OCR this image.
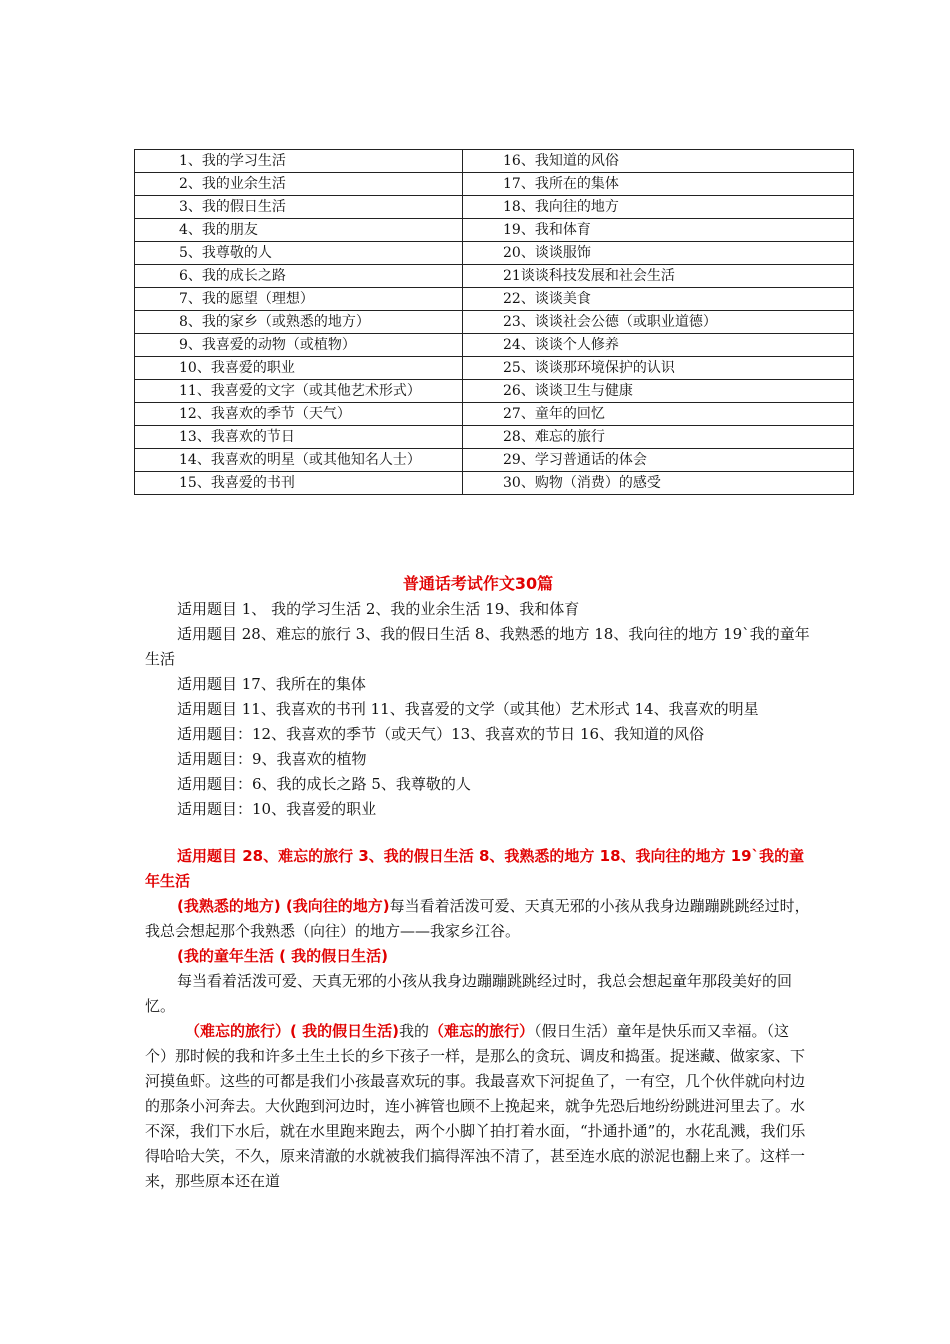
1、我的学习生活	16、我知道的风俗

2、我的业余生活	17、我所在的集体

3、我的假日生活	18、我向往的地方

4、我的朋友	19、我和体育

5、我尊敬的人	20、谈谈服饰

6、我的成长之路	21谈谈科技发展和社会生活

7、我的愿望（理想）	22、谈谈美食

8、我的家乡（或熟悉的地方）	23、谈谈社会公德（或职业道德）

9、我喜爱的动物（或植物）	24、谈谈个人修养

10、我喜爱的职业	25、谈谈那环境保护的认识

11、我喜爱的文字（或其他艺术形式）	26、谈谈卫生与健康

12、我喜欢的季节（天气）	27、童年的回忆

13、我喜欢的节日	28、难忘的旅行

14、我喜欢的明星（或其他知名人士）	29、学习普通话的体会

15、我喜爱的书刊	30、购物（消费）的感受
普通话考试作文30篇

适用题目 1、 我的学习生活 2、我的业余生活 19、我和体育

适用题目 28、难忘的旅行 3、我的假日生活 8、我熟悉的地方 18、我向往的地方 19`我的童年生活

适用题目 17、我所在的集体

适用题目 11、我喜欢的书刊 11、我喜爱的文学（或其他）艺术形式 14、我喜欢的明星

适用题目：12、我喜欢的季节（或天气）13、我喜欢的节日 16、我知道的风俗

适用题目：9、我喜欢的植物

适用题目：6、我的成长之路 5、我尊敬的人

适用题目：10、我喜爱的职业

适用题目 28、难忘的旅行 3、我的假日生活 8、我熟悉的地方 18、我向往的地方 19`我的童年生活

(我熟悉的地方) (我向往的地方)每当看着活泼可爱、天真无邪的小孩从我身边蹦蹦跳跳经过时，我总会想起那个我熟悉（向往）的地方——我家乡江谷。

(我的童年生活 ( 我的假日生活)

每当看着活泼可爱、天真无邪的小孩从我身边蹦蹦跳跳经过时，我总会想起童年那段美好的回忆。

（难忘的旅行）( 我的假日生活)我的（难忘的旅行）（假日生活）童年是快乐而又幸福。（这个）那时候的我和许多土生土长的乡下孩子一样，是那么的贪玩、调皮和捣蛋。捉迷藏、做家家、下河摸鱼虾。这些的可都是我们小孩最喜欢玩的事。我最喜欢下河捉鱼了，一有空，几个伙伴就向村边的那条小河奔去。大伙跑到河边时，连小裤管也顾不上挽起来，就争先恐后地纷纷跳进河里去了。水不深，我们下水后，就在水里跑来跑去，两个小脚丫拍打着水面，“扑通扑通”的，水花乱溅，我们乐得哈哈大笑，不久，原来清澈的水就被我们搞得浑浊不清了，甚至连水底的淤泥也翻上来了。这样一来，那些原本还在道
